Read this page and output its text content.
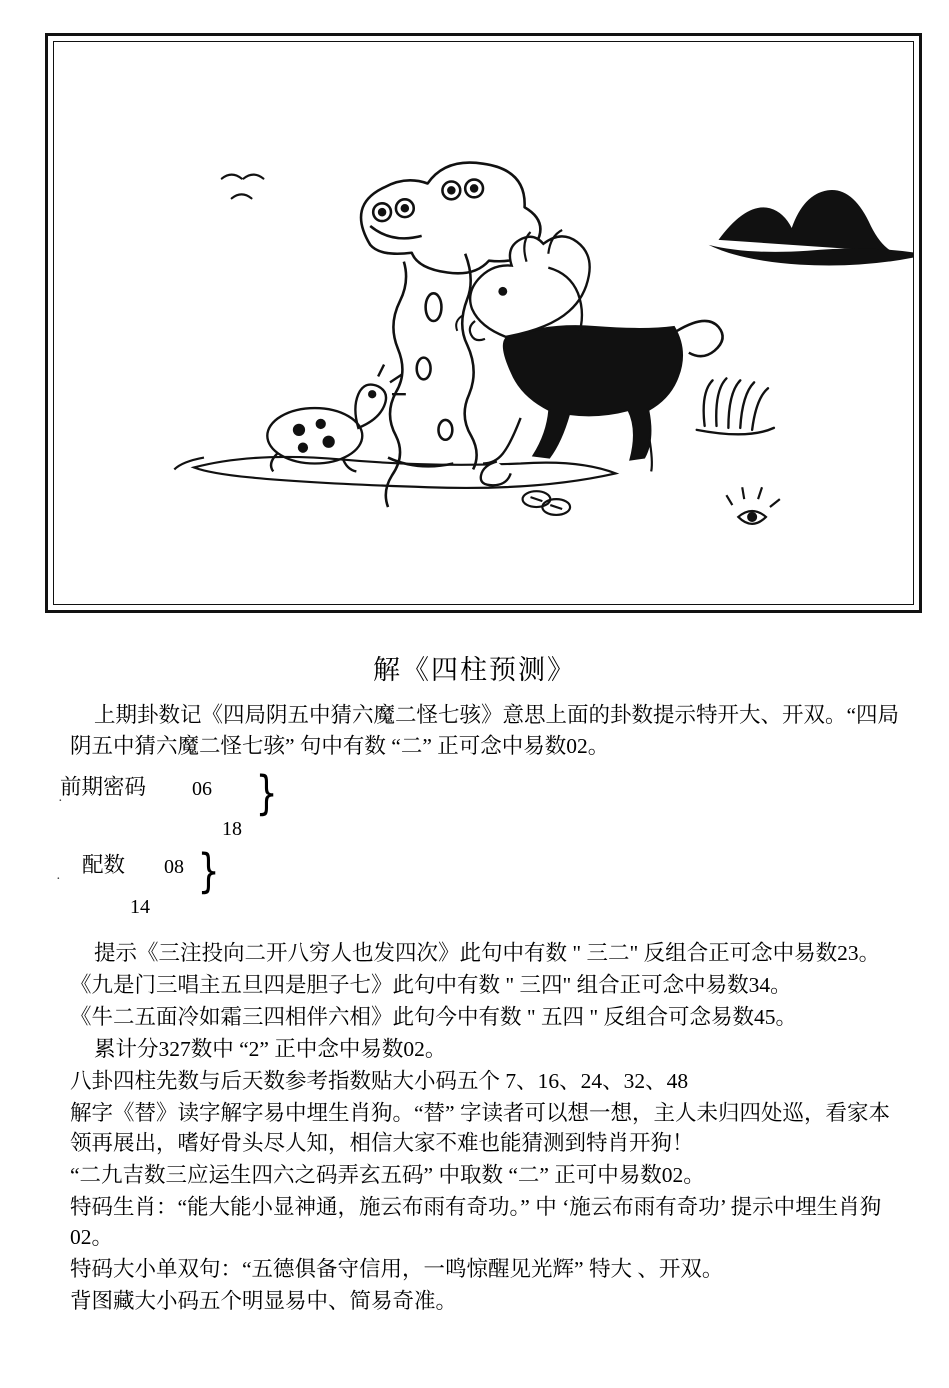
解《四柱预测》

上期卦数记《四局阴五中猜六魔二怪七骇》意思上面的卦数提示特开大、开双。“四局阴五中猜六魔二怪七骇” 句中有数 “二” 正可念中易数02。

·
前期密码 06
18
}
·
配数 08
14
}

提示《三注投向二开八穷人也发四次》此句中有数 " 三二" 反组合正可念中易数23。

《九是门三唱主五旦四是胆子七》此句中有数 " 三四" 组合正可念中易数34。

《牛二五面冷如霜三四相伴六相》此句今中有数 " 五四 " 反组合可念易数45。

累计分327数中 “2” 正中念中易数02。

八卦四柱先数与后天数参考指数贴大小码五个 7、16、24、32、48

解字《替》读字解字易中埋生肖狗。“替” 字读者可以想一想，主人未归四处巡，看家本领再展出，嗜好骨头尽人知，相信大家不难也能猜测到特肖开狗！

“二九吉数三应运生四六之码弄玄五码” 中取数 “二” 正可中易数02。

特码生肖：“能大能小显神通，施云布雨有奇功。” 中 ‘施云布雨有奇功’ 提示中埋生肖狗02。

特码大小单双句：“五德俱备守信用，一鸣惊醒见光辉” 特大 、开双。

背图藏大小码五个明显易中、简易奇准。
